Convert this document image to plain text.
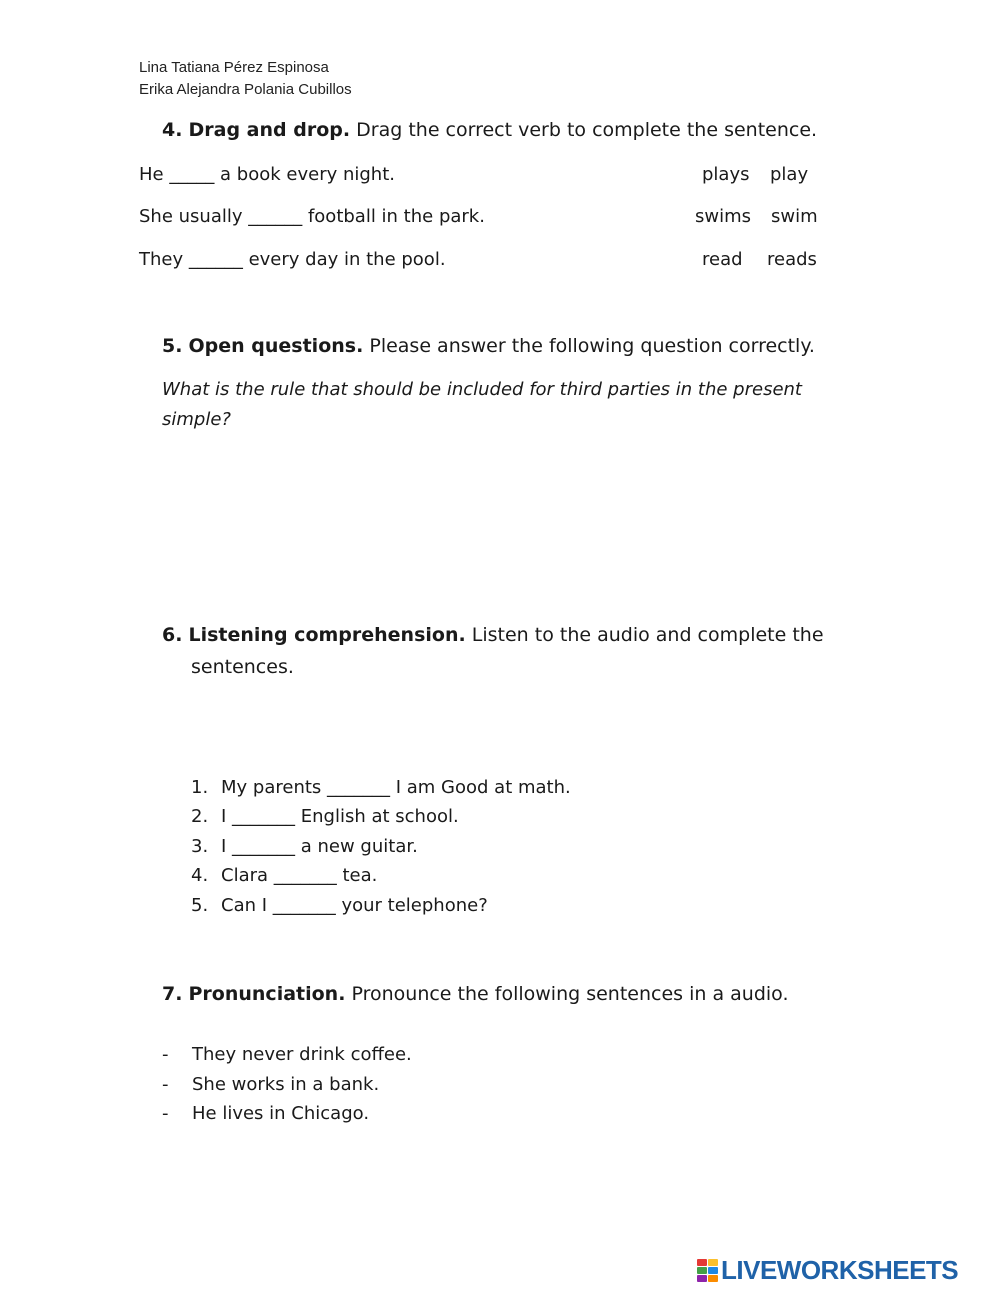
Lina Tatiana Pérez Espinosa
Erika Alejandra Polania Cubillos
4. Drag and drop. Drag the correct verb to complete the sentence.
He _____ a book every night.
She usually ______ football in the park.
They ______ every day in the pool.
plays play
swims swim
read reads
5. Open questions. Please answer the following question correctly.
What is the rule that should be included for third parties in the present simple?
6. Listening comprehension. Listen to the audio and complete the
sentences.
1. My parents _______ I am Good at math.
2. I _______ English at school.
3. I _______ a new guitar.
4. Clara _______ tea.
5. Can I _______ your telephone?
7. Pronunciation. Pronounce the following sentences in a audio.
- They never drink coffee.
- She works in a bank.
- He lives in Chicago.
LIVEWORKSHEETS
